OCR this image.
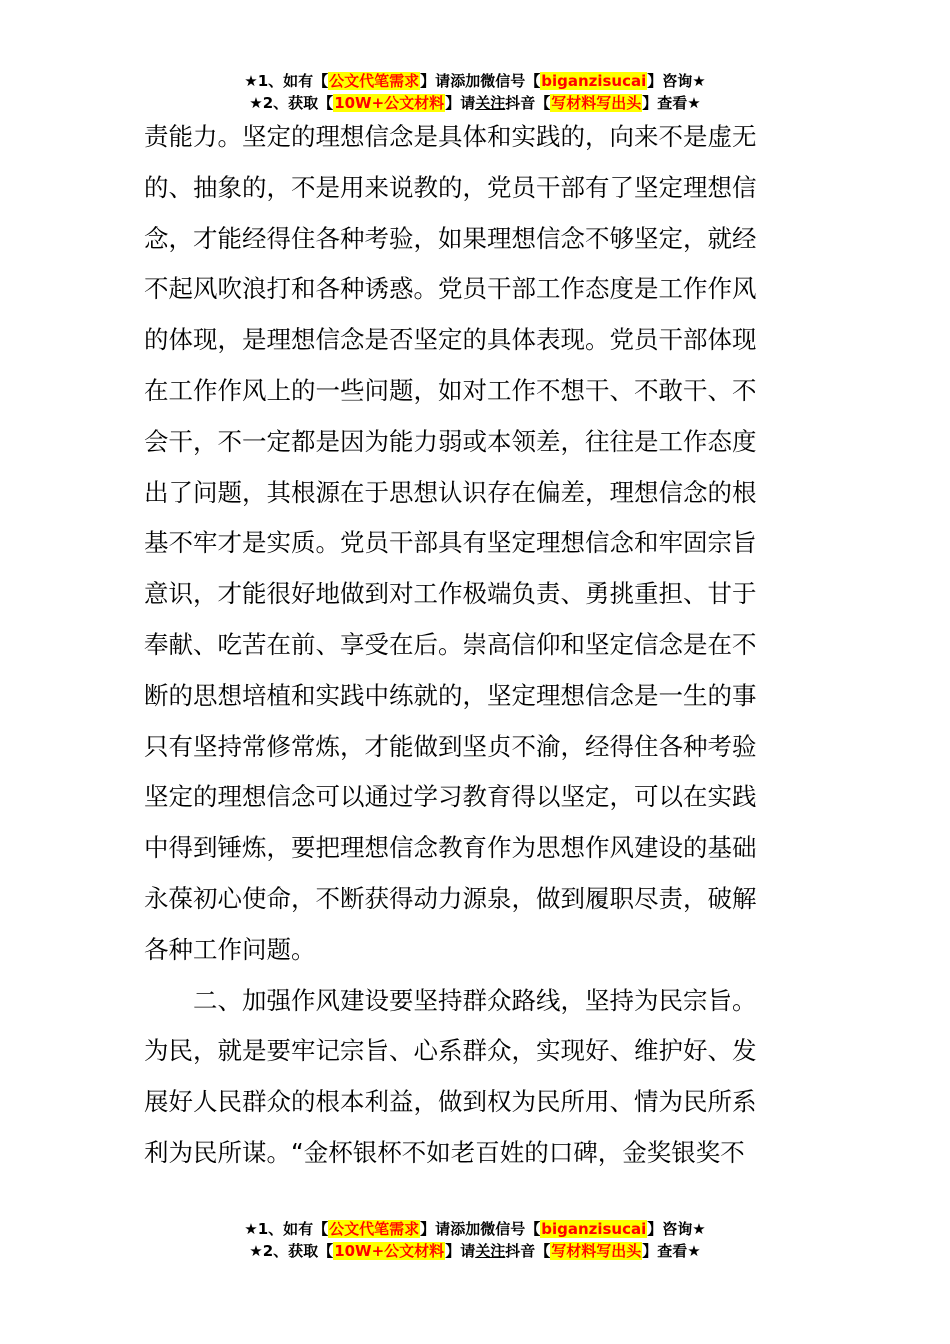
★1、如有【公文代笔需求】请添加微信号【biganzisucai】咨询★
★2、获取【10W+公文材料】请关注抖音【写材料写出头】查看★

责能力。坚定的理想信念是具体和实践的，向来不是虚无

的、抽象的，不是用来说教的，党员干部有了坚定理想信

念，才能经得住各种考验，如果理想信念不够坚定，就经

不起风吹浪打和各种诱惑。党员干部工作态度是工作作风

的体现，是理想信念是否坚定的具体表现。党员干部体现

在工作作风上的一些问题，如对工作不想干、不敢干、不

会干，不一定都是因为能力弱或本领差，往往是工作态度

出了问题，其根源在于思想认识存在偏差，理想信念的根

基不牢才是实质。党员干部具有坚定理想信念和牢固宗旨

意识，才能很好地做到对工作极端负责、勇挑重担、甘于

奉献、吃苦在前、享受在后。崇高信仰和坚定信念是在不

断的思想培植和实践中练就的，坚定理想信念是一生的事

只有坚持常修常炼，才能做到坚贞不渝，经得住各种考验

坚定的理想信念可以通过学习教育得以坚定，可以在实践

中得到锤炼，要把理想信念教育作为思想作风建设的基础

永葆初心使命，不断获得动力源泉，做到履职尽责，破解

各种工作问题。

　　二、加强作风建设要坚持群众路线，坚持为民宗旨。

为民，就是要牢记宗旨、心系群众，实现好、维护好、发

展好人民群众的根本利益，做到权为民所用、情为民所系

利为民所谋。“金杯银杯不如老百姓的口碑，金奖银奖不

★1、如有【公文代笔需求】请添加微信号【biganzisucai】咨询★
★2、获取【10W+公文材料】请关注抖音【写材料写出头】查看★
